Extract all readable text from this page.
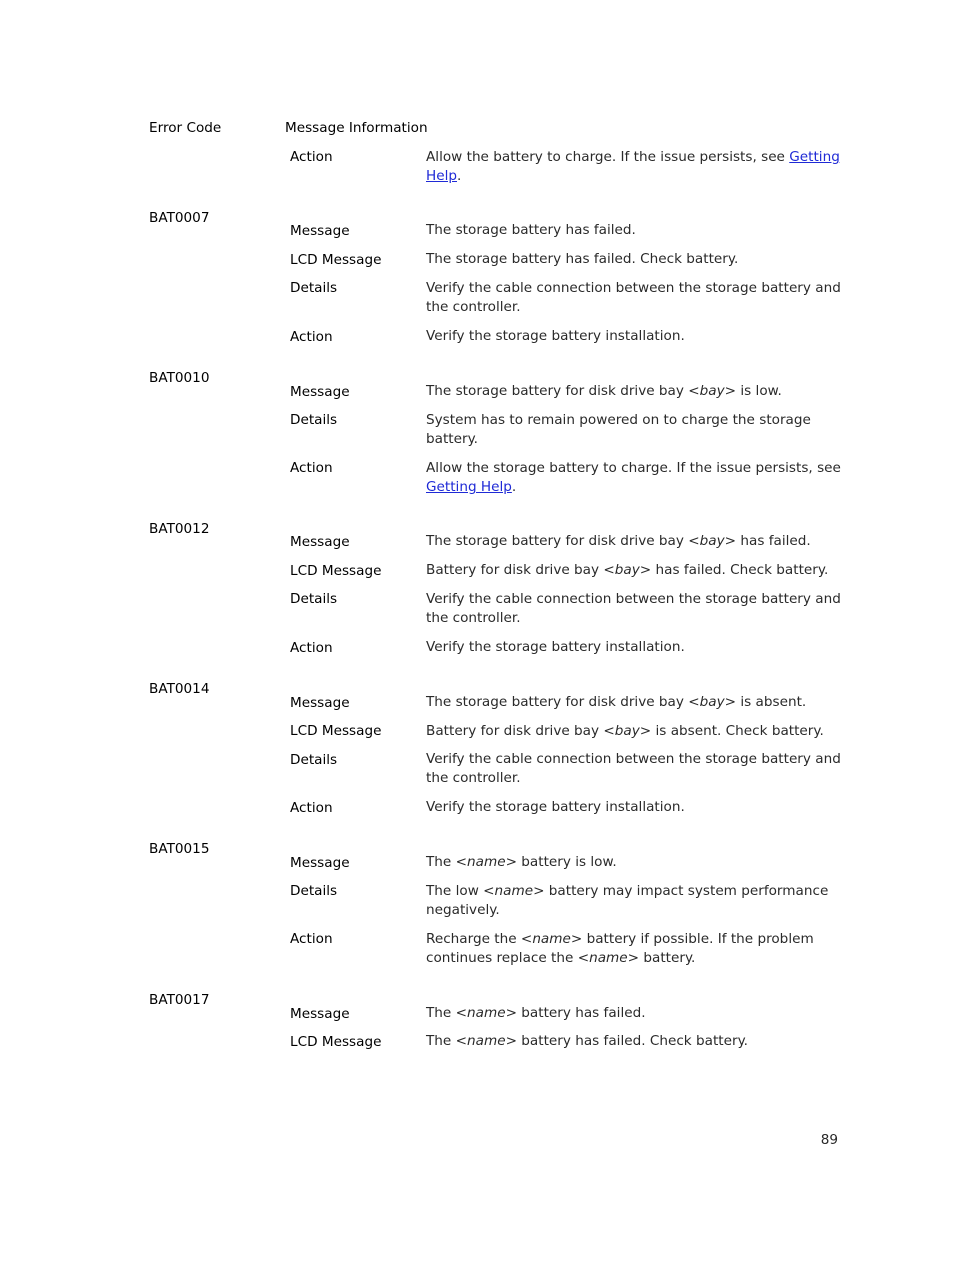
Error Code	Message Information
Action	Allow the battery to charge. If the issue persists, see Getting
Help.
BAT0007
Message	The storage battery has failed.
LCD Message	The storage battery has failed. Check battery.
Details	Verify the cable connection between the storage battery and
the controller.
Action	Verify the storage battery installation.
BAT0010
Message	The storage battery for disk drive bay <bay> is low.
Details	System has to remain powered on to charge the storage
battery.
Action	Allow the storage battery to charge. If the issue persists, see
Getting Help.
BAT0012
Message	The storage battery for disk drive bay <bay> has failed.
LCD Message	Battery for disk drive bay <bay> has failed. Check battery.
Details	Verify the cable connection between the storage battery and
the controller.
Action	Verify the storage battery installation.
BAT0014
Message	The storage battery for disk drive bay <bay> is absent.
LCD Message	Battery for disk drive bay <bay> is absent. Check battery.
Details	Verify the cable connection between the storage battery and
the controller.
Action	Verify the storage battery installation.
BAT0015
Message	The <name> battery is low.
Details	The low <name> battery may impact system performance
negatively.
Action	Recharge the <name> battery if possible. If the problem
continues replace the <name> battery.
BAT0017
Message	The <name> battery has failed.
LCD Message	The <name> battery has failed. Check battery.
89
